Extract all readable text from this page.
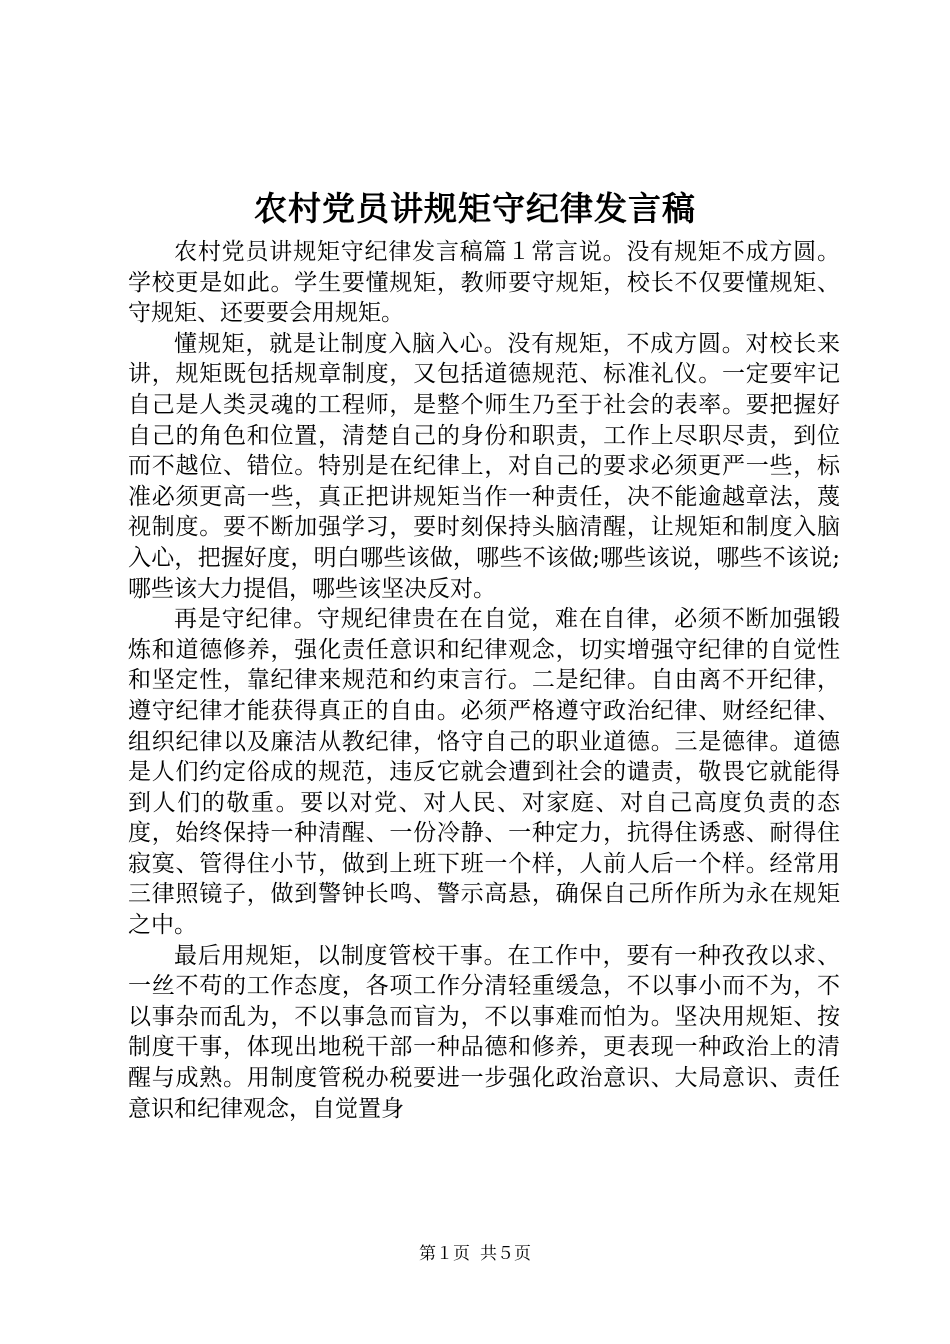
农村党员讲规矩守纪律发言稿

农村党员讲规矩守纪律发言稿篇１常言说。没有规矩不成方圆。学校更是如此。学生要懂规矩，教师要守规矩，校长不仅要懂规矩、守规矩、还要要会用规矩。

懂规矩，就是让制度入脑入心。没有规矩，不成方圆。对校长来讲，规矩既包括规章制度，又包括道德规范、标准礼仪。一定要牢记自己是人类灵魂的工程师，是整个师生乃至于社会的表率。要把握好自己的角色和位置，清楚自己的身份和职责，工作上尽职尽责，到位而不越位、错位。特别是在纪律上，对自己的要求必须更严一些，标准必须更高一些，真正把讲规矩当作一种责任，决不能逾越章法，蔑视制度。要不断加强学习，要时刻保持头脑清醒，让规矩和制度入脑入心，把握好度，明白哪些该做，哪些不该做;哪些该说，哪些不该说;哪些该大力提倡，哪些该坚决反对。

再是守纪律。守规纪律贵在在自觉，难在自律，必须不断加强锻炼和道德修养，强化责任意识和纪律观念，切实增强守纪律的自觉性和坚定性，靠纪律来规范和约束言行。二是纪律。自由离不开纪律，遵守纪律才能获得真正的自由。必须严格遵守政治纪律、财经纪律、组织纪律以及廉洁从教纪律，恪守自己的职业道德。三是德律。道德是人们约定俗成的规范，违反它就会遭到社会的谴责，敬畏它就能得到人们的敬重。要以对党、对人民、对家庭、对自己高度负责的态度，始终保持一种清醒、一份冷静、一种定力，抗得住诱惑、耐得住寂寞、管得住小节，做到上班下班一个样，人前人后一个样。经常用三律照镜子，做到警钟长鸣、警示高悬，确保自己所作所为永在规矩之中。

最后用规矩，以制度管校干事。在工作中，要有一种孜孜以求、一丝不苟的工作态度，各项工作分清轻重缓急，不以事小而不为，不以事杂而乱为，不以事急而盲为，不以事难而怕为。坚决用规矩、按制度干事，体现出地税干部一种品德和修养，更表现一种政治上的清醒与成熟。用制度管税办税要进一步强化政治意识、大局意识、责任意识和纪律观念，自觉置身

第１页 共５页
